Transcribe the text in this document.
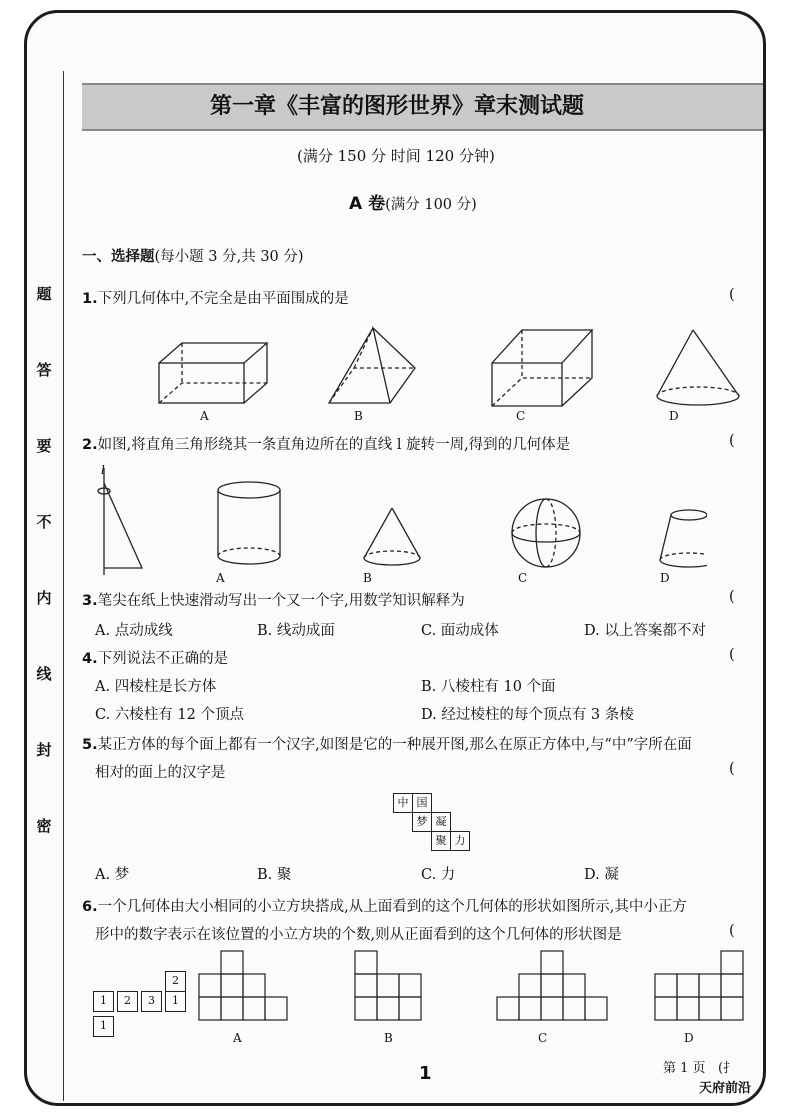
题
答
要
不
内
线
封
密
第一章《丰富的图形世界》章末测试题
(满分 150 分 时间 120 分钟)
A 卷(满分 100 分)
一、选择题(每小题 3 分,共 30 分)
1.下列几何体中,不完全是由平面围成的是	(
A	B	C	D
2.如图,将直角三角形绕其一条直角边所在的直线 l 旋转一周,得到的几何体是	(
l
A	B	C	D
3.笔尖在纸上快速滑动写出一个又一个字,用数学知识解释为	(
A. 点动成线	B. 线动成面	C. 面动成体	D. 以上答案都不对
4.下列说法不正确的是	(
A. 四棱柱是长方体	B. 八棱柱有 10 个面
C. 六棱柱有 12 个顶点	D. 经过棱柱的每个顶点有 3 条棱
5.某正方体的每个面上都有一个汉字,如图是它的一种展开图,那么在原正方体中,与“中”字所在面
相对的面上的汉字是	(
中 国
梦 凝
聚 力
A. 梦	B. 聚	C. 力	D. 凝
6.一个几何体由大小相同的小立方块搭成,从上面看到的这个几何体的形状如图所示,其中小正方
形中的数字表示在该位置的小立方块的个数,则从正面看到的这个几何体的形状图是	(
2
1	2	3	1
1
A	B	C	D
1	第 1 页 (扌
天府前沿
